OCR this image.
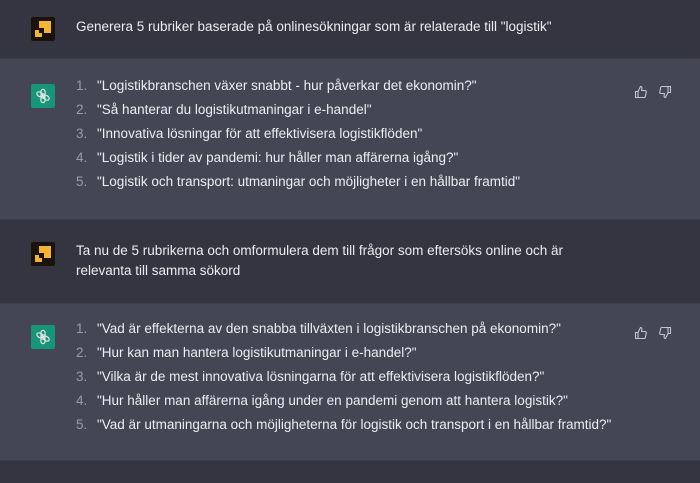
Generera 5 rubriker baserade på onlinesökningar som är relaterade till "logistik"
1. "Logistikbranschen växer snabbt - hur påverkar det ekonomin?"
2. "Så hanterar du logistikutmaningar i e-handel"
3. "Innovativa lösningar för att effektivisera logistikflöden"
4. "Logistik i tider av pandemi: hur håller man affärerna igång?"
5. "Logistik och transport: utmaningar och möjligheter i en hållbar framtid"
Ta nu de 5 rubrikerna och omformulera dem till frågor som eftersöks online och är
relevanta till samma sökord
1. "Vad är effekterna av den snabba tillväxten i logistikbranschen på ekonomin?"
2. "Hur kan man hantera logistikutmaningar i e-handel?"
3. "Vilka är de mest innovativa lösningarna för att effektivisera logistikflöden?"
4. "Hur håller man affärerna igång under en pandemi genom att hantera logistik?"
5. "Vad är utmaningarna och möjligheterna för logistik och transport i en hållbar framtid?"
